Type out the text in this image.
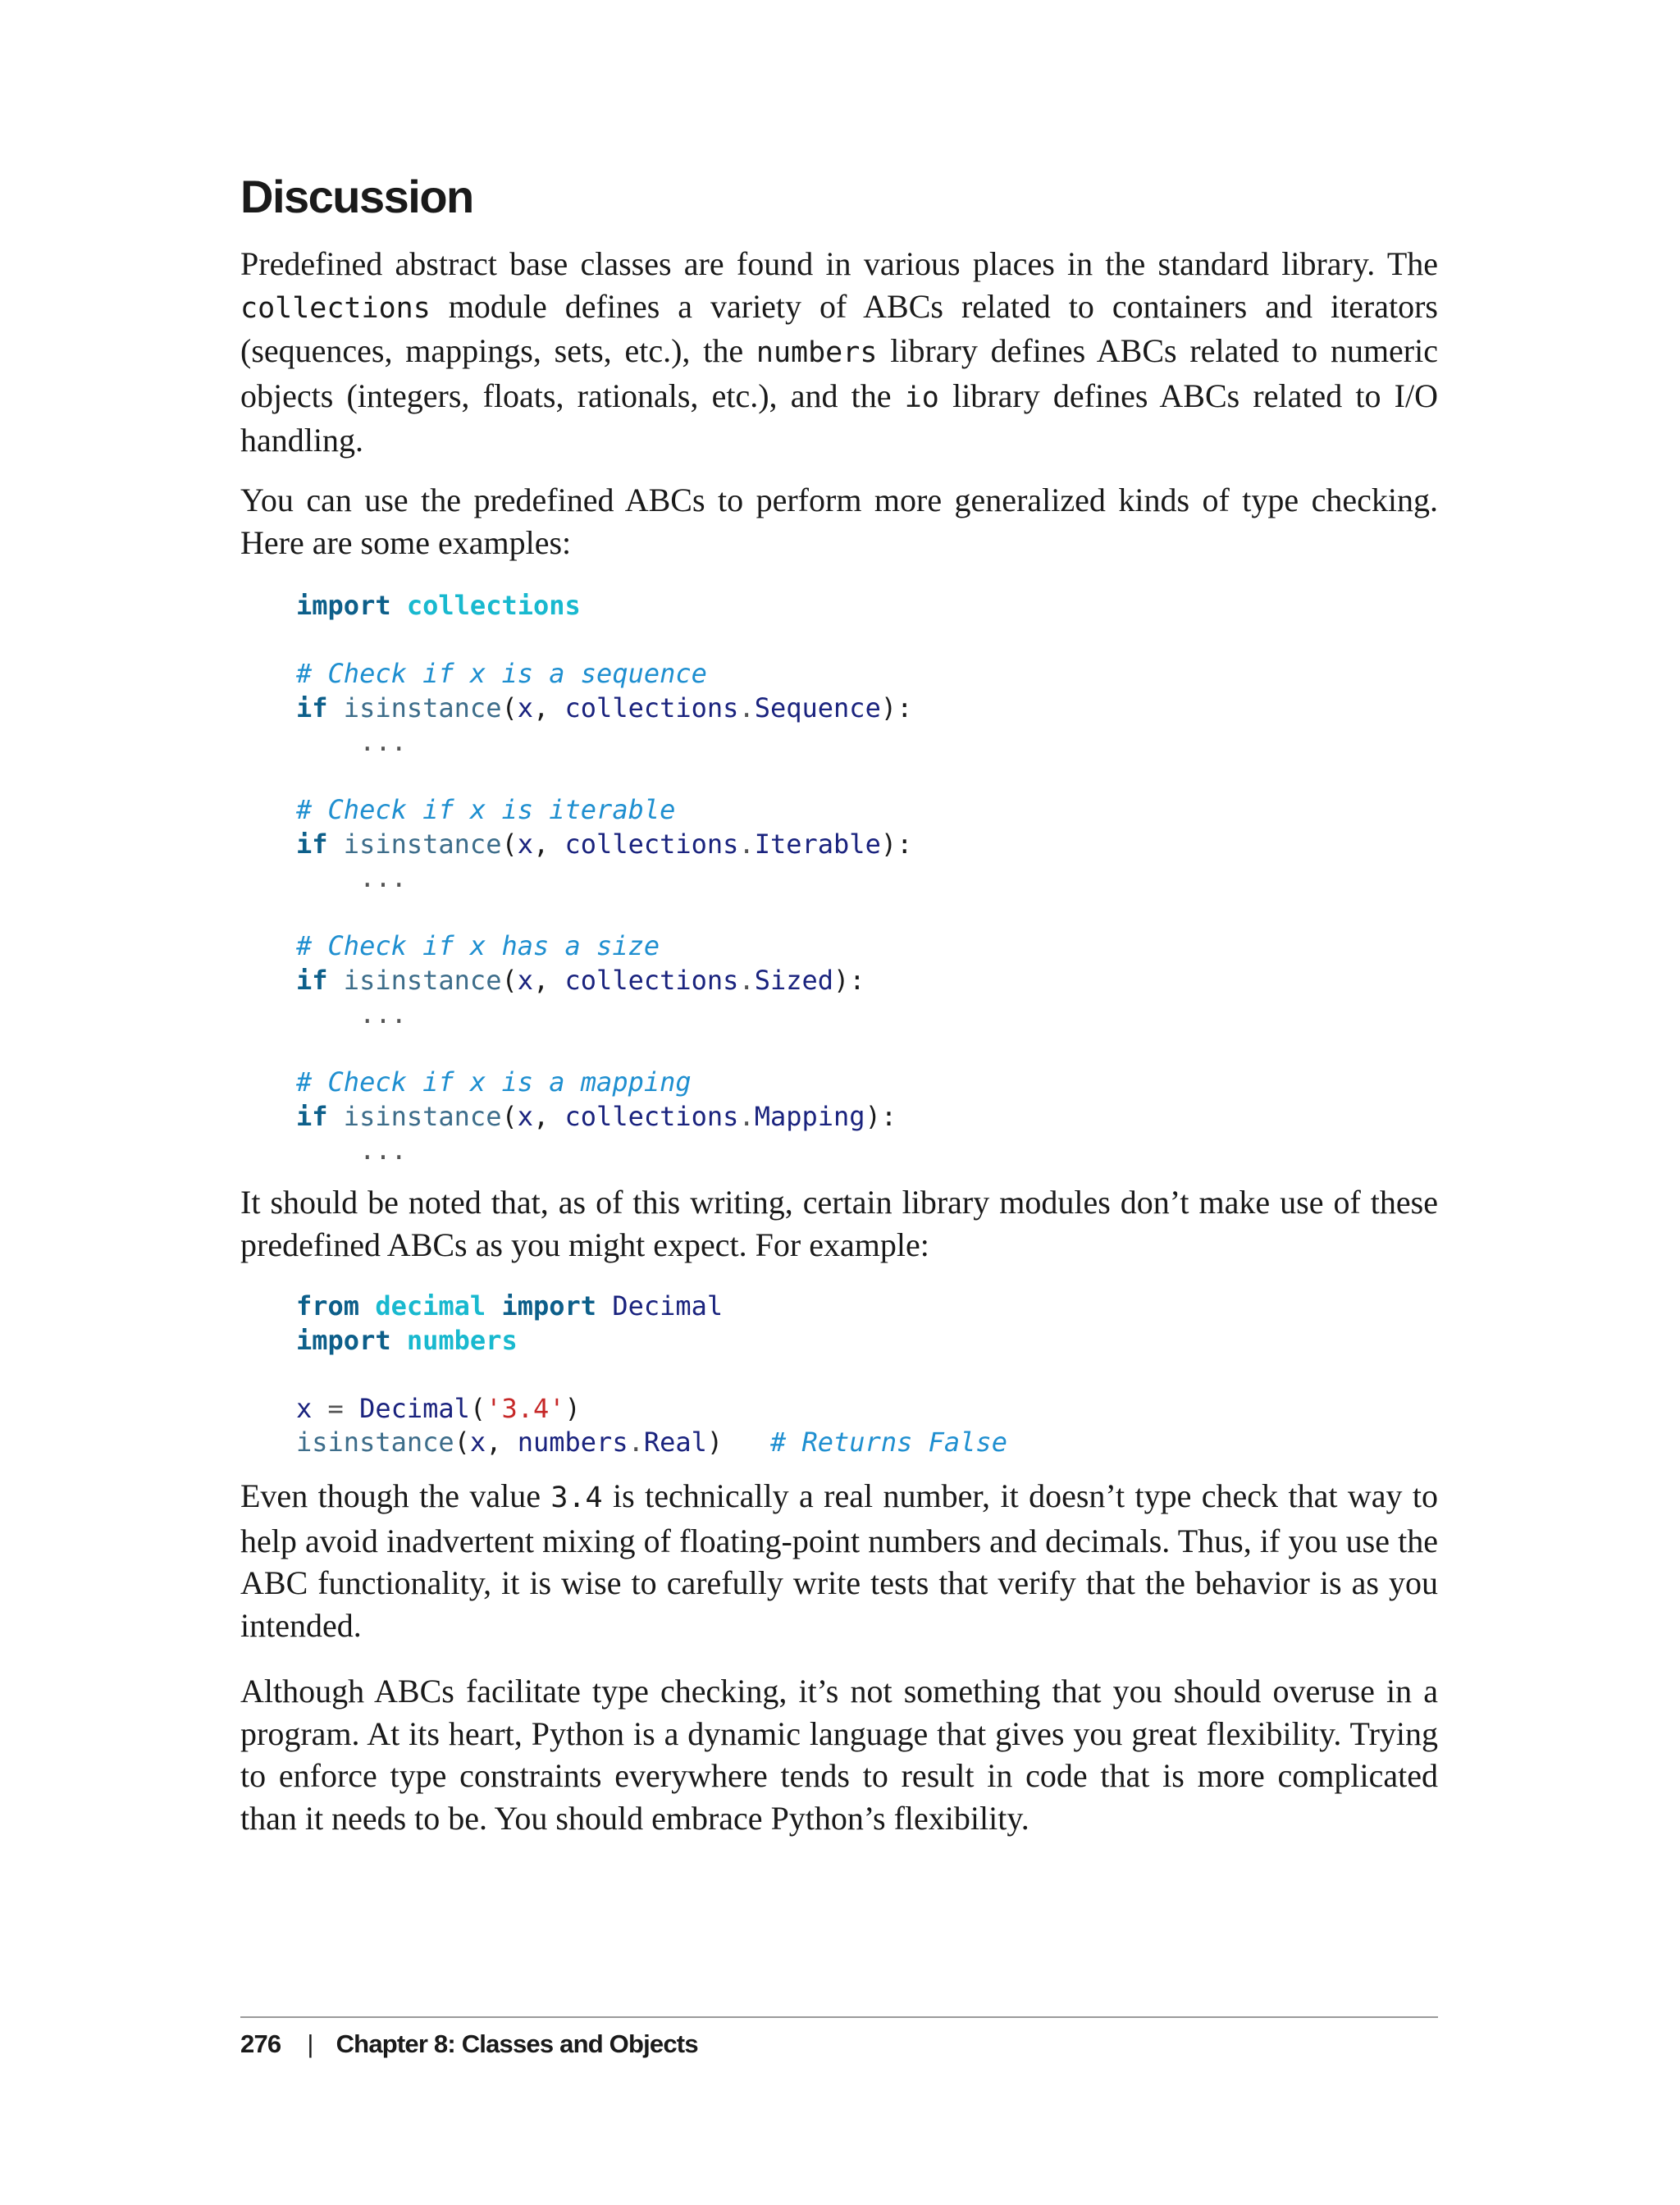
Discussion

Predefined abstract base classes are found in various places in the standard library. The collections module defines a variety of ABCs related to containers and iterators (sequences, mappings, sets, etc.), the numbers library defines ABCs related to numeric objects (integers, floats, rationals, etc.), and the io library defines ABCs related to I/O handling.

You can use the predefined ABCs to perform more generalized kinds of type checking. Here are some examples:

import collections

# Check if x is a sequence
if isinstance(x, collections.Sequence):
...

# Check if x is iterable
if isinstance(x, collections.Iterable):
...

# Check if x has a size
if isinstance(x, collections.Sized):
...

# Check if x is a mapping
if isinstance(x, collections.Mapping):
...

It should be noted that, as of this writing, certain library modules don’t make use of these predefined ABCs as you might expect. For example:

from decimal import Decimal
import numbers

x = Decimal('3.4')
isinstance(x, numbers.Real) # Returns False

Even though the value 3.4 is technically a real number, it doesn’t type check that way to help avoid inadvertent mixing of floating-point numbers and decimals. Thus, if you use the ABC functionality, it is wise to carefully write tests that verify that the behavior is as you intended.

Although ABCs facilitate type checking, it’s not something that you should overuse in a program. At its heart, Python is a dynamic language that gives you great flexibility. Trying to enforce type constraints everywhere tends to result in code that is more complicated than it needs to be. You should embrace Python’s flexibility.

276 | Chapter 8: Classes and Objects
